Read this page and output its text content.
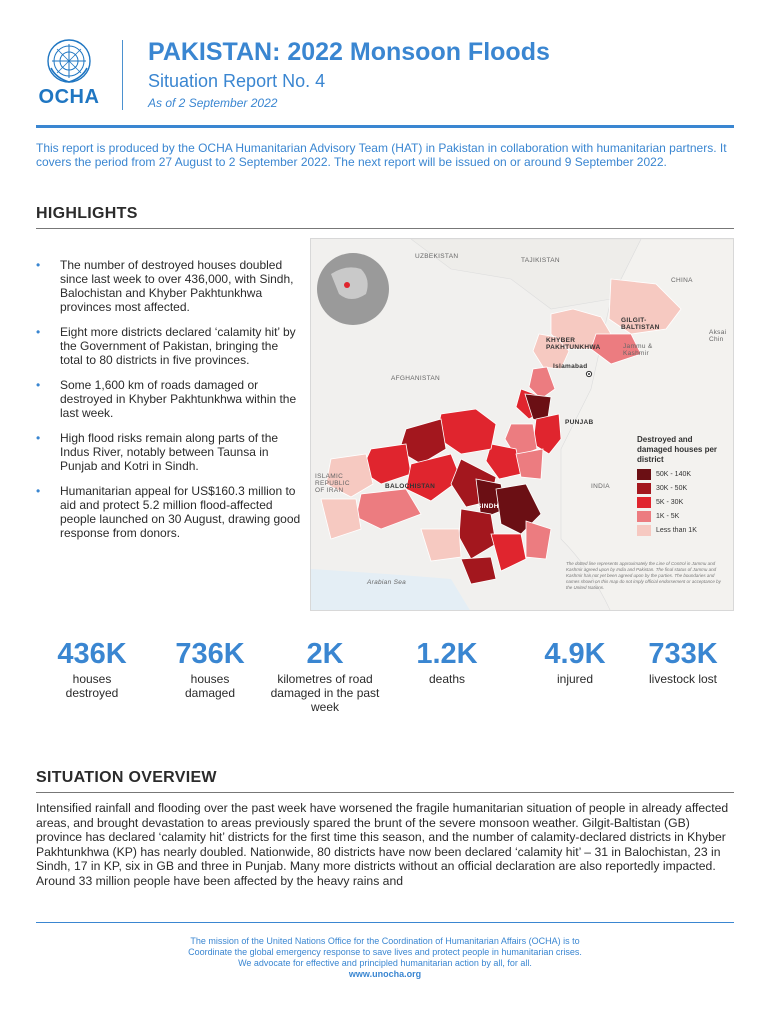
OCHA
PAKISTAN: 2022 Monsoon Floods
Situation Report No. 4
As of 2 September 2022

This report is produced by the OCHA Humanitarian Advisory Team (HAT) in Pakistan in collaboration with humanitarian partners. It covers the period from 27 August to 2 September 2022. The next report will be issued on or around 9 September 2022.

HIGHLIGHTS
• The number of destroyed houses doubled since last week to over 436,000, with Sindh, Balochistan and Khyber Pakhtunkhwa provinces most affected.
• Eight more districts declared ‘calamity hit’ by the Government of Pakistan, bringing the total to 80 districts in five provinces.
• Some 1,600 km of roads damaged or destroyed in Khyber Pakhtunkhwa within the last week.
• High flood risks remain along parts of the Indus River, notably between Taunsa in Punjab and Kotri in Sindh.
• Humanitarian appeal for US$160.3 million to aid and protect 5.2 million flood-affected people launched on 30 August, drawing good response from donors.
UZBEKISTAN
TAJIKISTAN
CHINA
GILGIT-BALTISTAN
Jammu & Kashmir
Aksai Chin
KHYBER PAKHTUNKHWA
AFGHANISTAN
Islamabad
PUNJAB
ISLAMIC REPUBLIC OF IRAN
BALOCHISTAN	INDIA
SINDH
Arabian Sea
Destroyed and damaged houses per district
50K - 140K
30K - 50K
5K - 30K
1K - 5K
Less than 1K
The dotted line represents approximately the Line of Control in Jammu and Kashmir agreed upon by India and Pakistan. The final status of Jammu and Kashmir has not yet been agreed upon by the parties. The boundaries and names shown on this map do not imply official endorsement or acceptance by the United Nations.
436K
houses destroyed
736K
houses damaged
2K
kilometres of road damaged in the past week
1.2K
deaths
4.9K
injured
733K
livestock lost
SITUATION OVERVIEW

Intensified rainfall and flooding over the past week have worsened the fragile humanitarian situation of people in already affected areas, and brought devastation to areas previously spared the brunt of the severe monsoon weather. Gilgit-Baltistan (GB) province has declared ‘calamity hit’ districts for the first time this season, and the number of calamity-declared districts in Khyber Pakhtunkhwa (KP) has nearly doubled. Nationwide, 80 districts have now been declared ‘calamity hit’ – 31 in Balochistan, 23 in Sindh, 17 in KP, six in GB and three in Punjab. Many more districts without an official declaration are also reportedly impacted. Around 33 million people have been affected by the heavy rains and

The mission of the United Nations Office for the Coordination of Humanitarian Affairs (OCHA) is to
Coordinate the global emergency response to save lives and protect people in humanitarian crises.
We advocate for effective and principled humanitarian action by all, for all.
www.unocha.org
